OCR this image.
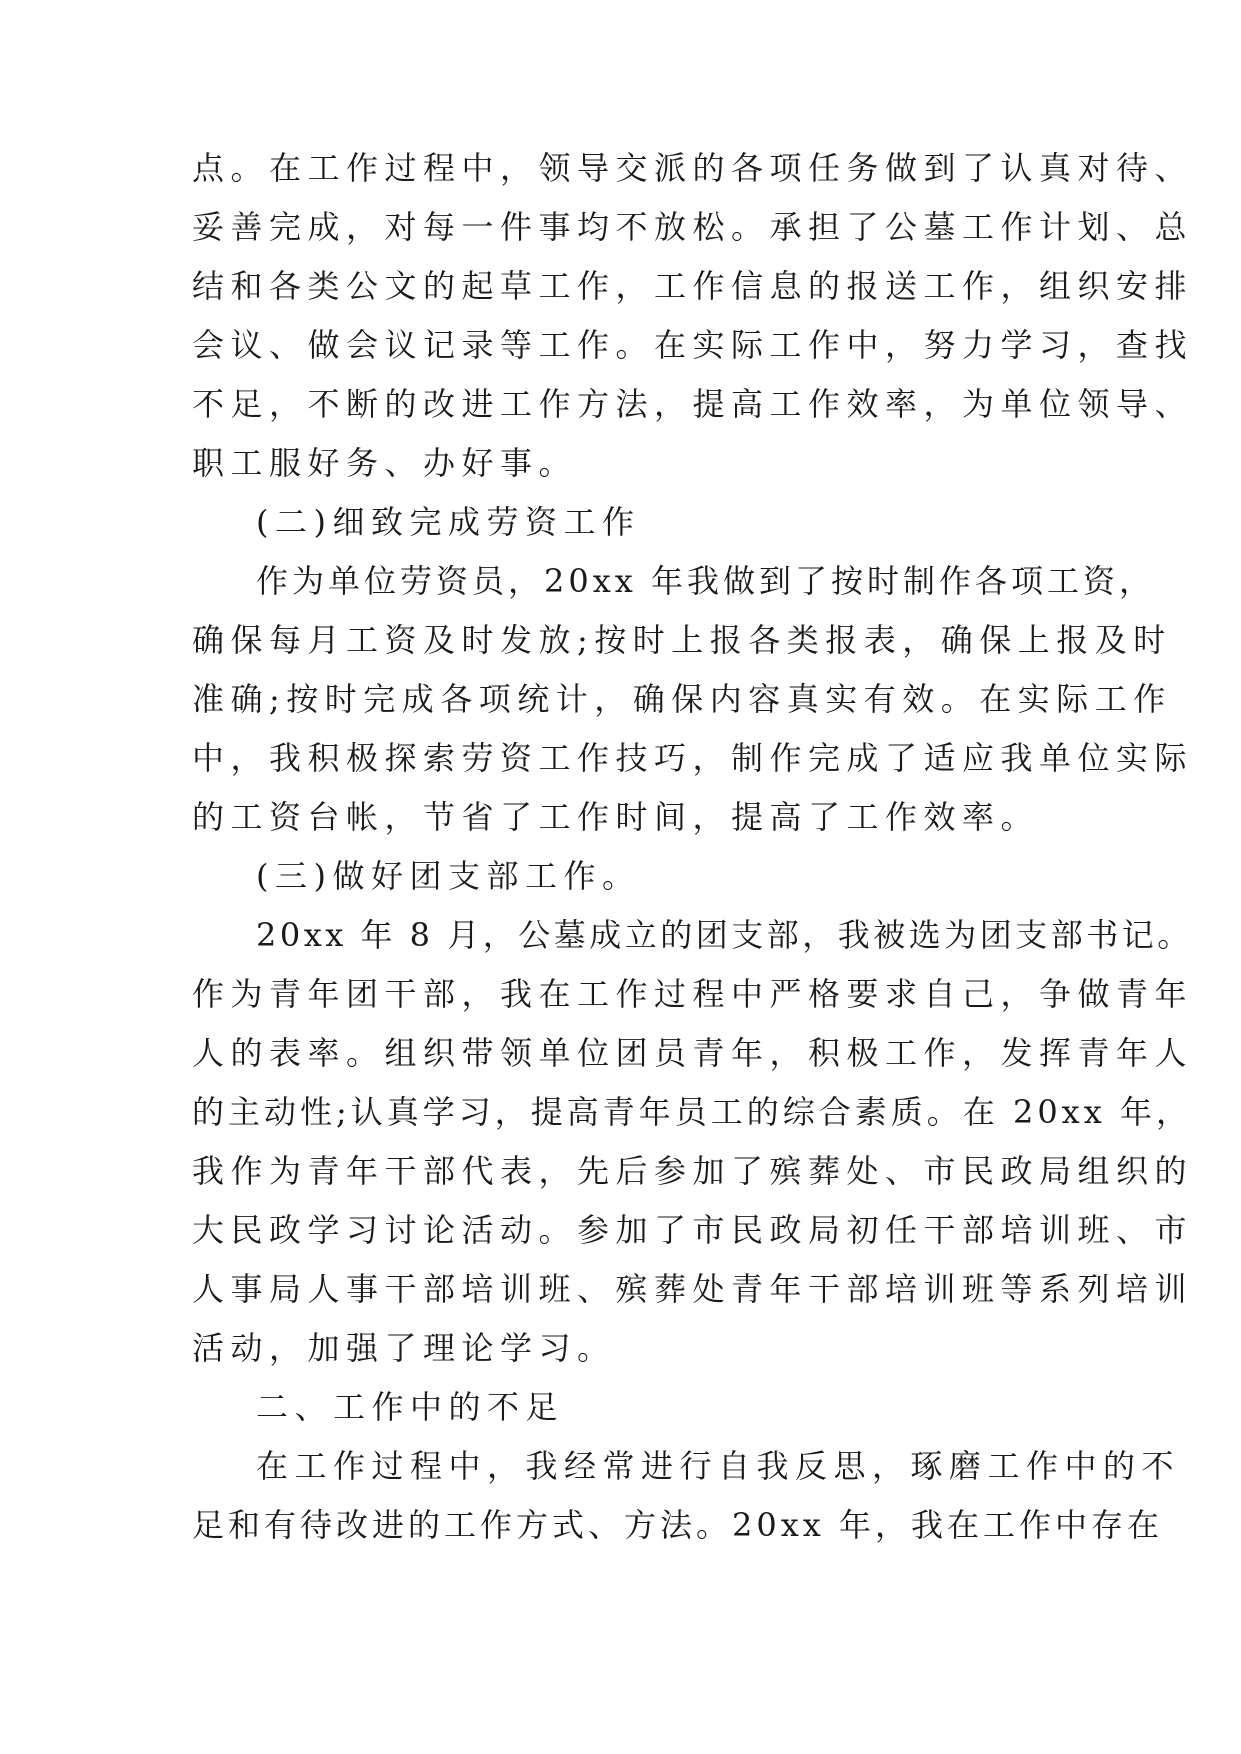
点。在工作过程中，领导交派的各项任务做到了认真对待、
妥善完成，对每一件事均不放松。承担了公墓工作计划、总
结和各类公文的起草工作，工作信息的报送工作，组织安排
会议、做会议记录等工作。在实际工作中，努力学习，查找
不足，不断的改进工作方法，提高工作效率，为单位领导、
职工服好务、办好事。
(二)细致完成劳资工作
作为单位劳资员，20xx 年我做到了按时制作各项工资，
确保每月工资及时发放;按时上报各类报表，确保上报及时
准确;按时完成各项统计，确保内容真实有效。在实际工作
中，我积极探索劳资工作技巧，制作完成了适应我单位实际
的工资台帐，节省了工作时间，提高了工作效率。
(三)做好团支部工作。
20xx 年 8 月，公墓成立的团支部，我被选为团支部书记。
作为青年团干部，我在工作过程中严格要求自己，争做青年
人的表率。组织带领单位团员青年，积极工作，发挥青年人
的主动性;认真学习，提高青年员工的综合素质。在 20xx 年，
我作为青年干部代表，先后参加了殡葬处、市民政局组织的
大民政学习讨论活动。参加了市民政局初任干部培训班、市
人事局人事干部培训班、殡葬处青年干部培训班等系列培训
活动，加强了理论学习。
二、工作中的不足
在工作过程中，我经常进行自我反思，琢磨工作中的不
足和有待改进的工作方式、方法。20xx 年，我在工作中存在
